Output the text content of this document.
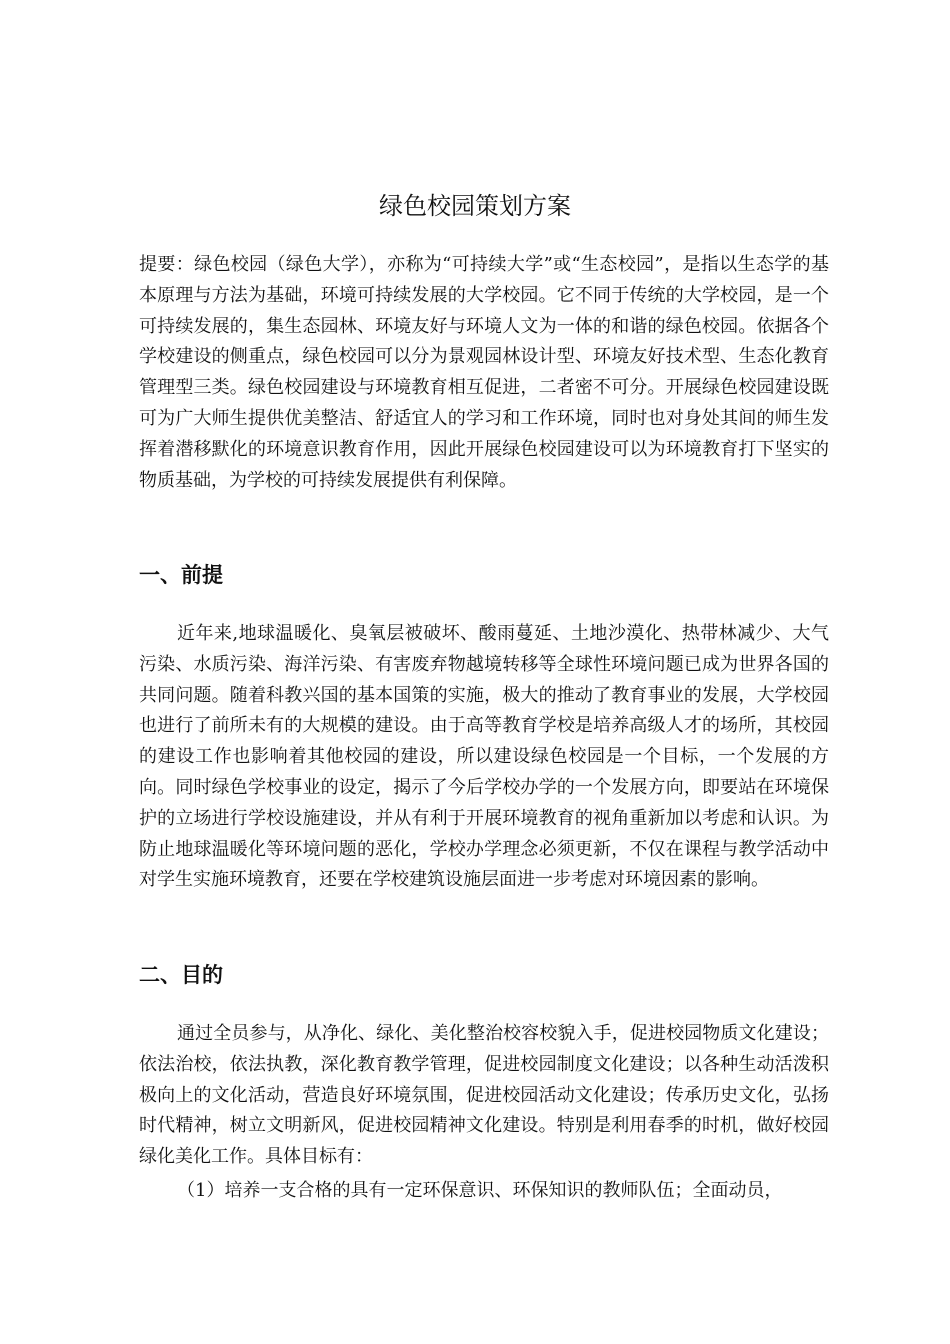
绿色校园策划方案

提要：绿色校园（绿色大学），亦称为“可持续大学”或“生态校园”，是指以生态学的基本原理与方法为基础，环境可持续发展的大学校园。它不同于传统的大学校园，是一个可持续发展的，集生态园林、环境友好与环境人文为一体的和谐的绿色校园。依据各个学校建设的侧重点，绿色校园可以分为景观园林设计型、环境友好技术型、生态化教育管理型三类。绿色校园建设与环境教育相互促进，二者密不可分。开展绿色校园建设既可为广大师生提供优美整洁、舒适宜人的学习和工作环境，同时也对身处其间的师生发挥着潜移默化的环境意识教育作用，因此开展绿色校园建设可以为环境教育打下坚实的物质基础，为学校的可持续发展提供有利保障。

一、前提

近年来,地球温暖化、臭氧层被破坏、酸雨蔓延、土地沙漠化、热带林减少、大气污染、水质污染、海洋污染、有害废弃物越境转移等全球性环境问题已成为世界各国的共同问题。随着科教兴国的基本国策的实施，极大的推动了教育事业的发展，大学校园也进行了前所未有的大规模的建设。由于高等教育学校是培养高级人才的场所，其校园的建设工作也影响着其他校园的建设，所以建设绿色校园是一个目标，一个发展的方向。同时绿色学校事业的设定，揭示了今后学校办学的一个发展方向，即要站在环境保护的立场进行学校设施建设，并从有利于开展环境教育的视角重新加以考虑和认识。为防止地球温暖化等环境问题的恶化，学校办学理念必须更新，不仅在课程与教学活动中对学生实施环境教育，还要在学校建筑设施层面进一步考虑对环境因素的影响。

二、目的

通过全员参与，从净化、绿化、美化整治校容校貌入手，促进校园物质文化建设；依法治校，依法执教，深化教育教学管理，促进校园制度文化建设；以各种生动活泼积极向上的文化活动，营造良好环境氛围，促进校园活动文化建设；传承历史文化，弘扬时代精神，树立文明新风，促进校园精神文化建设。特别是利用春季的时机，做好校园绿化美化工作。具体目标有：

（1）培养一支合格的具有一定环保意识、环保知识的教师队伍；全面动员，
